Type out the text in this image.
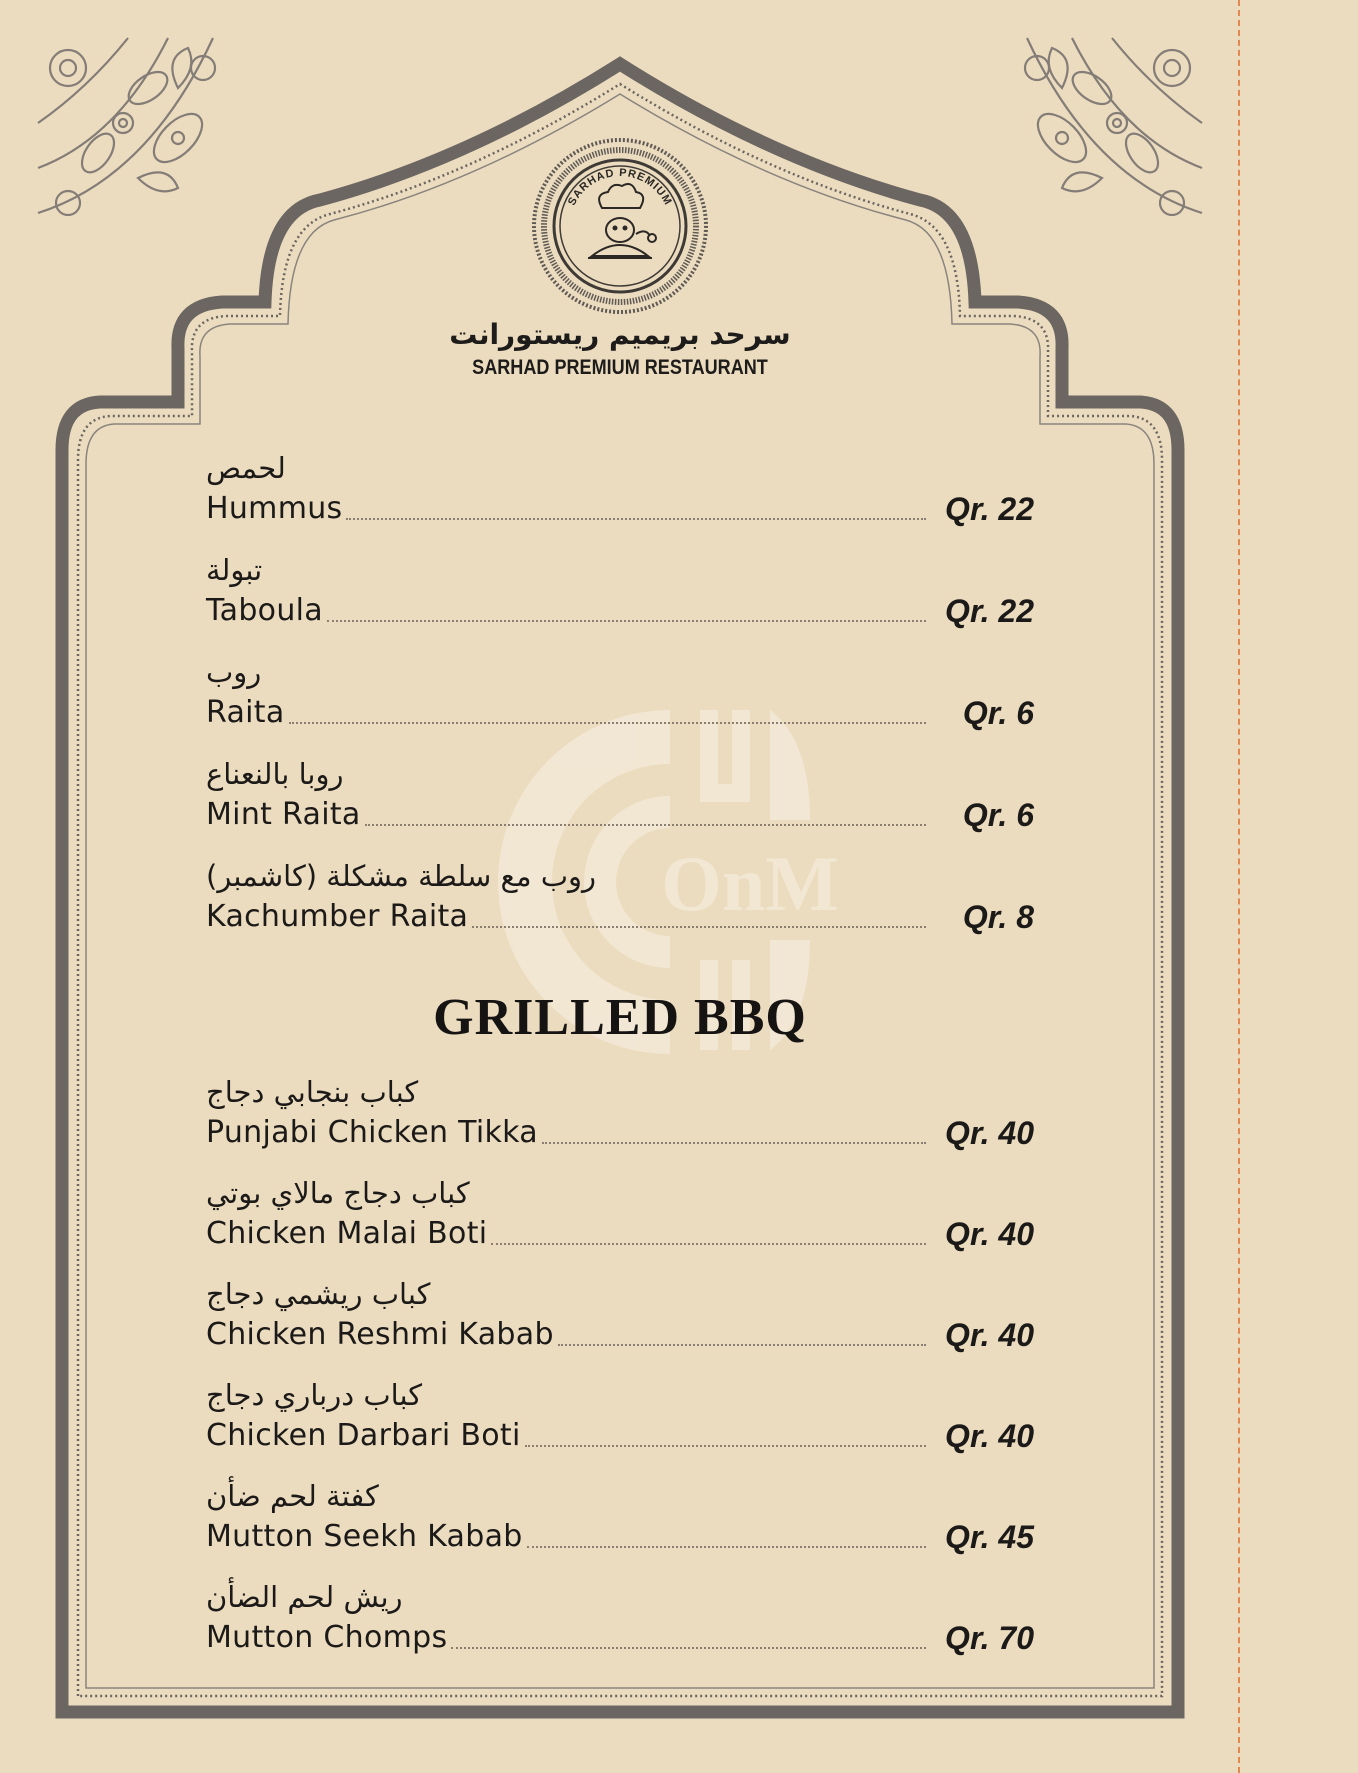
SARHAD PREMIUM
سرحد بريميم ريستورانت
SARHAD PREMIUM RESTAURANT
OnM
لحمص
Hummus	Qr. 22
تبولة
Taboula	Qr. 22
روب
Raita	Qr. 6
روبا بالنعناع
Mint Raita	Qr. 6
روب مع سلطة مشكلة (كاشمبر)
Kachumber Raita	Qr. 8
GRILLED BBQ
كباب بنجابي دجاج
Punjabi Chicken Tikka	Qr. 40
كباب دجاج مالاي بوتي
Chicken Malai Boti	Qr. 40
كباب ريشمي دجاج
Chicken Reshmi Kabab	Qr. 40
كباب درباري دجاج
Chicken Darbari Boti	Qr. 40
كفتة لحم ضأن
Mutton Seekh Kabab	Qr. 45
ريش لحم الضأن
Mutton Chomps	Qr. 70
